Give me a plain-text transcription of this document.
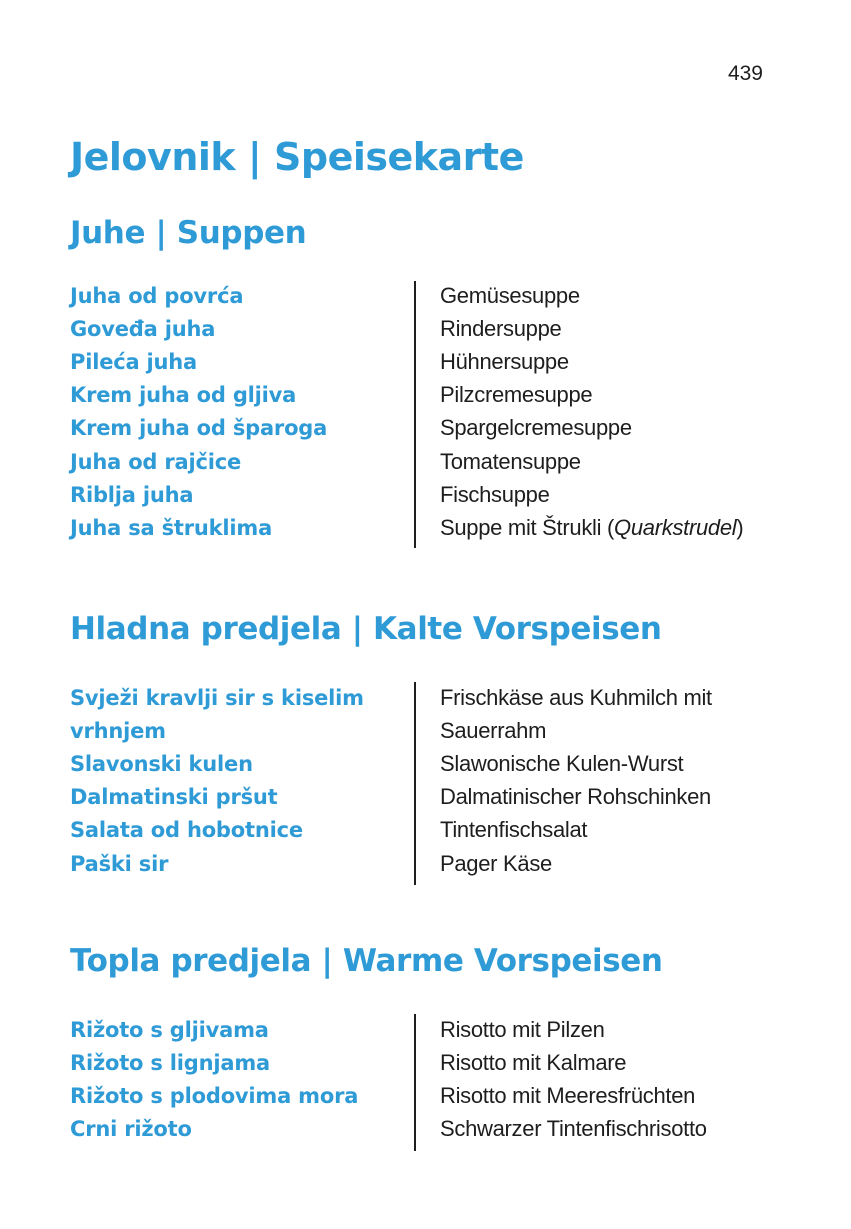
439
Jelovnik | Speisekarte
Juhe | Suppen
Juha od povrća	Gemüsesuppe
Goveđa juha	Rindersuppe
Pileća juha	Hühnersuppe
Krem juha od gljiva	Pilzcremesuppe
Krem juha od šparoga	Spargelcremesuppe
Juha od rajčice	Tomatensuppe
Riblja juha	Fischsuppe
Juha sa štruklima	Suppe mit Štrukli (Quarkstrudel)
Hladna predjela | Kalte Vorspeisen
Svježi kravlji sir s kiselim	Frischkäse aus Kuhmilch mit
vrhnjem	Sauerrahm
Slavonski kulen	Slawonische Kulen-Wurst
Dalmatinski pršut	Dalmatinischer Rohschinken
Salata od hobotnice	Tintenfischsalat
Paški sir	Pager Käse
Topla predjela | Warme Vorspeisen
Rižoto s gljivama	Risotto mit Pilzen
Rižoto s lignjama	Risotto mit Kalmare
Rižoto s plodovima mora	Risotto mit Meeresfrüchten
Crni rižoto	Schwarzer Tintenfischrisotto
